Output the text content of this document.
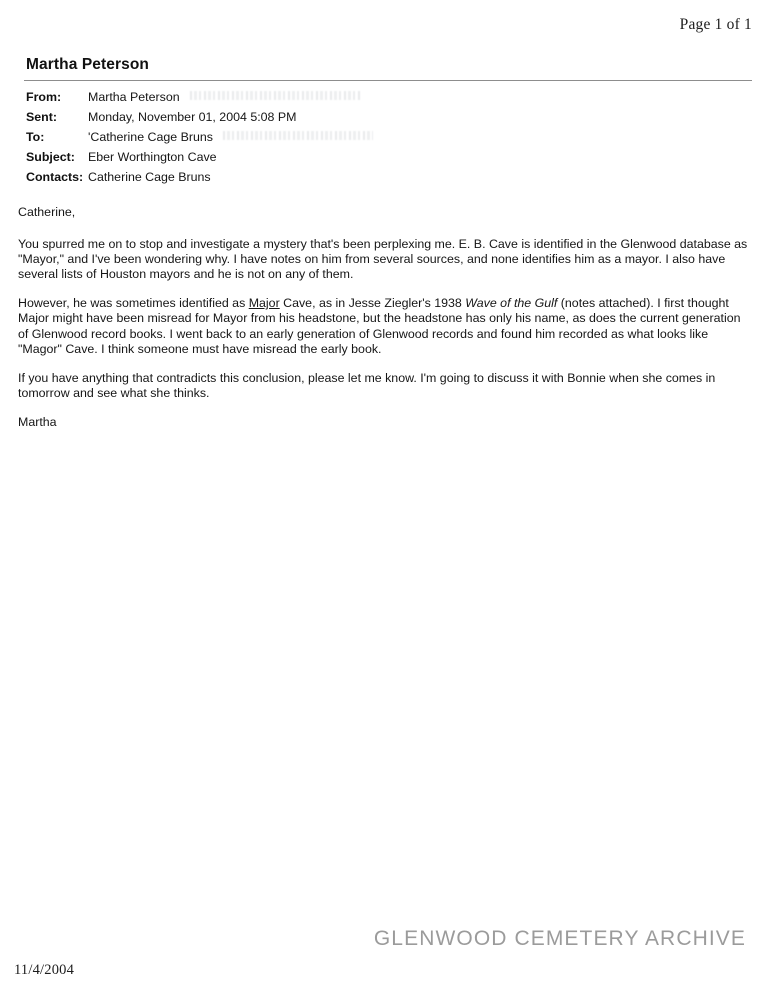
Page 1 of 1
Martha Peterson
From:	Martha Peterson
Sent:	Monday, November 01, 2004 5:08 PM
To:	'Catherine Cage Bruns
Subject:	Eber Worthington Cave
Contacts: Catherine Cage Bruns

Catherine,

You spurred me on to stop and investigate a mystery that's been perplexing me. E. B. Cave is identified in the Glenwood database as "Mayor," and I've been wondering why. I have notes on him from several sources, and none identifies him as a mayor. I also have several lists of Houston mayors and he is not on any of them.

However, he was sometimes identified as Major Cave, as in Jesse Ziegler's 1938 Wave of the Gulf (notes attached). I first thought Major might have been misread for Mayor from his headstone, but the headstone has only his name, as does the current generation of Glenwood record books. I went back to an early generation of Glenwood records and found him recorded as what looks like "Magor" Cave. I think someone must have misread the early book.

If you have anything that contradicts this conclusion, please let me know. I'm going to discuss it with Bonnie when she comes in tomorrow and see what she thinks.

Martha

GLENWOOD CEMETERY ARCHIVE
11/4/2004
